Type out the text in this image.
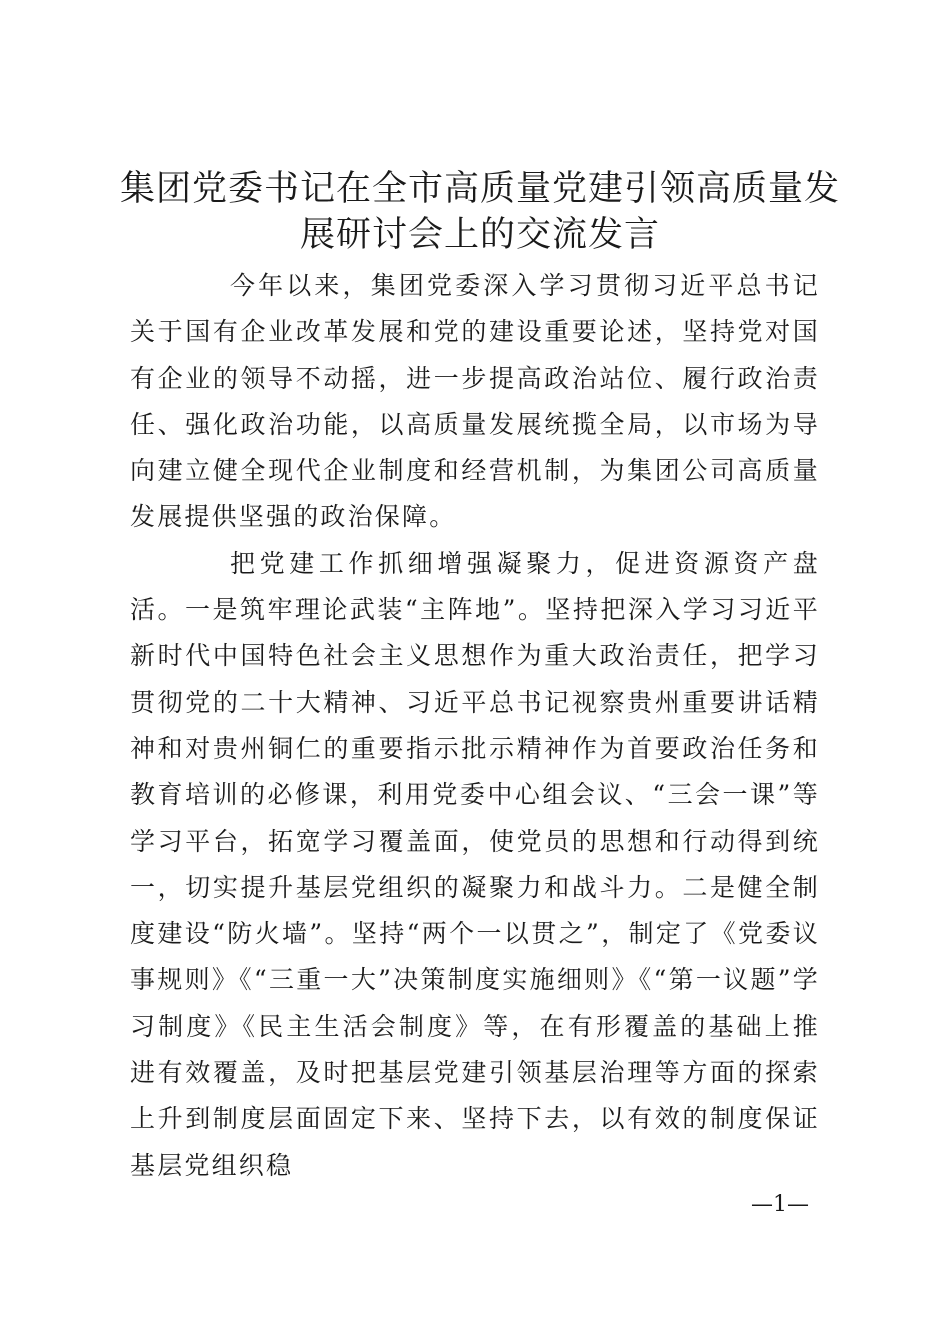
集团党委书记在全市高质量党建引领高质量发
展研讨会上的交流发言

今年以来，集团党委深入学习贯彻习近平总书记关于国有企业改革发展和党的建设重要论述，坚持党对国有企业的领导不动摇，进一步提高政治站位、履行政治责任、强化政治功能，以高质量发展统揽全局，以市场为导向建立健全现代企业制度和经营机制，为集团公司高质量发展提供坚强的政治保障。

把党建工作抓细增强凝聚力，促进资源资产盘活。一是筑牢理论武装“主阵地”。坚持把深入学习习近平新时代中国特色社会主义思想作为重大政治责任，把学习贯彻党的二十大精神、习近平总书记视察贵州重要讲话精神和对贵州铜仁的重要指示批示精神作为首要政治任务和教育培训的必修课，利用党委中心组会议、“三会一课”等学习平台，拓宽学习覆盖面，使党员的思想和行动得到统一，切实提升基层党组织的凝聚力和战斗力。二是健全制度建设“防火墙”。坚持“两个一以贯之”，制定了《党委议事规则》《“三重一大”决策制度实施细则》《“第一议题”学习制度》《民主生活会制度》等，在有形覆盖的基础上推进有效覆盖，及时把基层党建引领基层治理等方面的探索上升到制度层面固定下来、坚持下去，以有效的制度保证基层党组织稳

—1—
